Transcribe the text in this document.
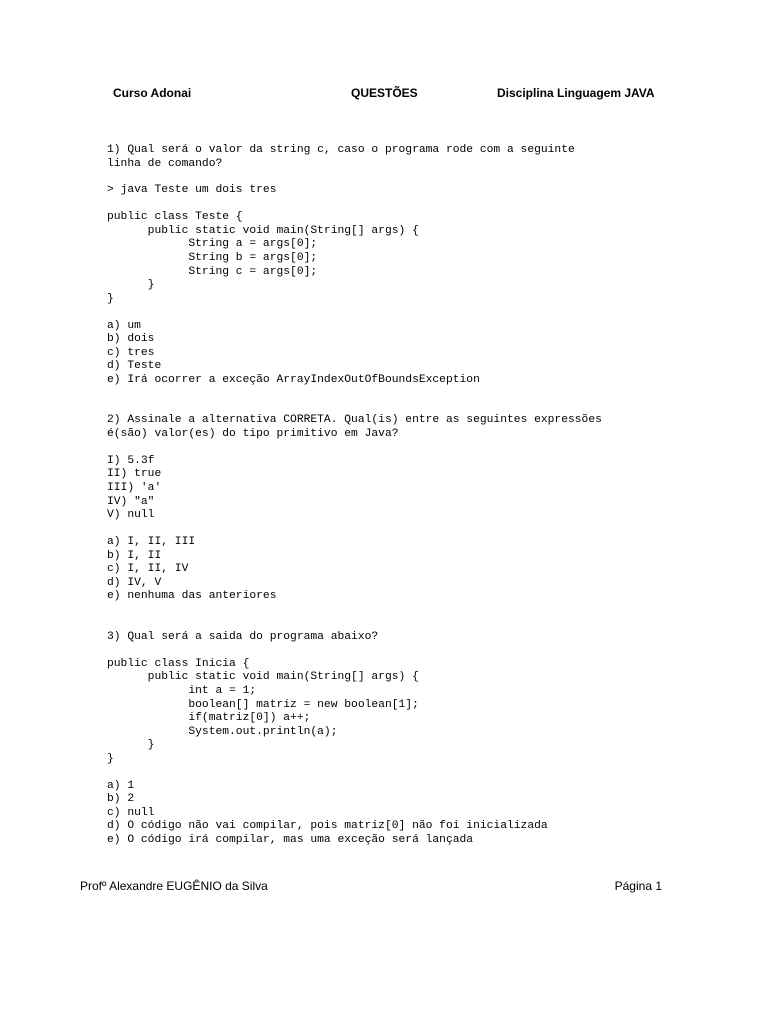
Curso Adonai	QUESTÕES	Disciplina Linguagem JAVA
1) Qual será o valor da string c, caso o programa rode com a seguinte
linha de comando?
> java Teste um dois tres
public class Teste {
public static void main(String[] args) {
String a = args[0];
String b = args[0];
String c = args[0];
}
}
a) um
b) dois
c) tres
d) Teste
e) Irá ocorrer a exceção ArrayIndexOutOfBoundsException
2) Assinale a alternativa CORRETA. Qual(is) entre as seguintes expressões
é(são) valor(es) do tipo primitivo em Java?
I) 5.3f
II) true
III) 'a'
IV) "a"
V) null
a) I, II, III
b) I, II
c) I, II, IV
d) IV, V
e) nenhuma das anteriores
3) Qual será a saida do programa abaixo?
public class Inicia {
public static void main(String[] args) {
int a = 1;
boolean[] matriz = new boolean[1];
if(matriz[0]) a++;
System.out.println(a);
}
}
a) 1
b) 2
c) null
d) O código não vai compilar, pois matriz[0] não foi inicializada
e) O código irá compilar, mas uma exceção será lançada
Profº Alexandre EUGÊNIO da Silva	Página 1
